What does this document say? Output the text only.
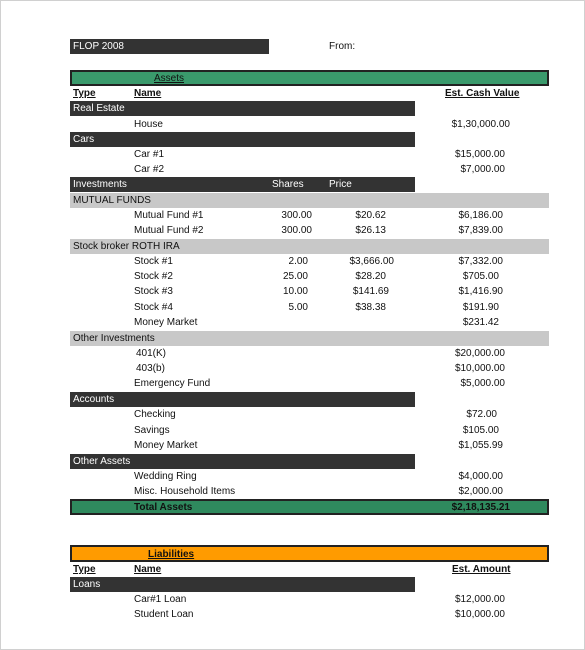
FLOP 2008	From:
Assets
Type	Name	Est. Cash Value
Real Estate
House	$1,30,000.00
Cars
Car #1	$15,000.00
Car #2	$7,000.00
Investments	Shares	Price
MUTUAL FUNDS
Mutual Fund #1	300.00	$20.62	$6,186.00
Mutual Fund #2	300.00	$26.13	$7,839.00
Stock broker ROTH IRA
Stock #1	2.00	$3,666.00	$7,332.00
Stock #2	25.00	$28.20	$705.00
Stock #3	10.00	$141.69	$1,416.90
Stock #4	5.00	$38.38	$191.90
Money Market	$231.42
Other Investments
401(K)	$20,000.00
403(b)	$10,000.00
Emergency Fund	$5,000.00
Accounts
Checking	$72.00
Savings	$105.00
Money Market	$1,055.99
Other Assets
Wedding Ring	$4,000.00
Misc. Household Items	$2,000.00
Total Assets	$2,18,135.21
Liabilities
Type	Name	Est. Amount
Loans
Car#1 Loan	$12,000.00
Student Loan	$10,000.00
